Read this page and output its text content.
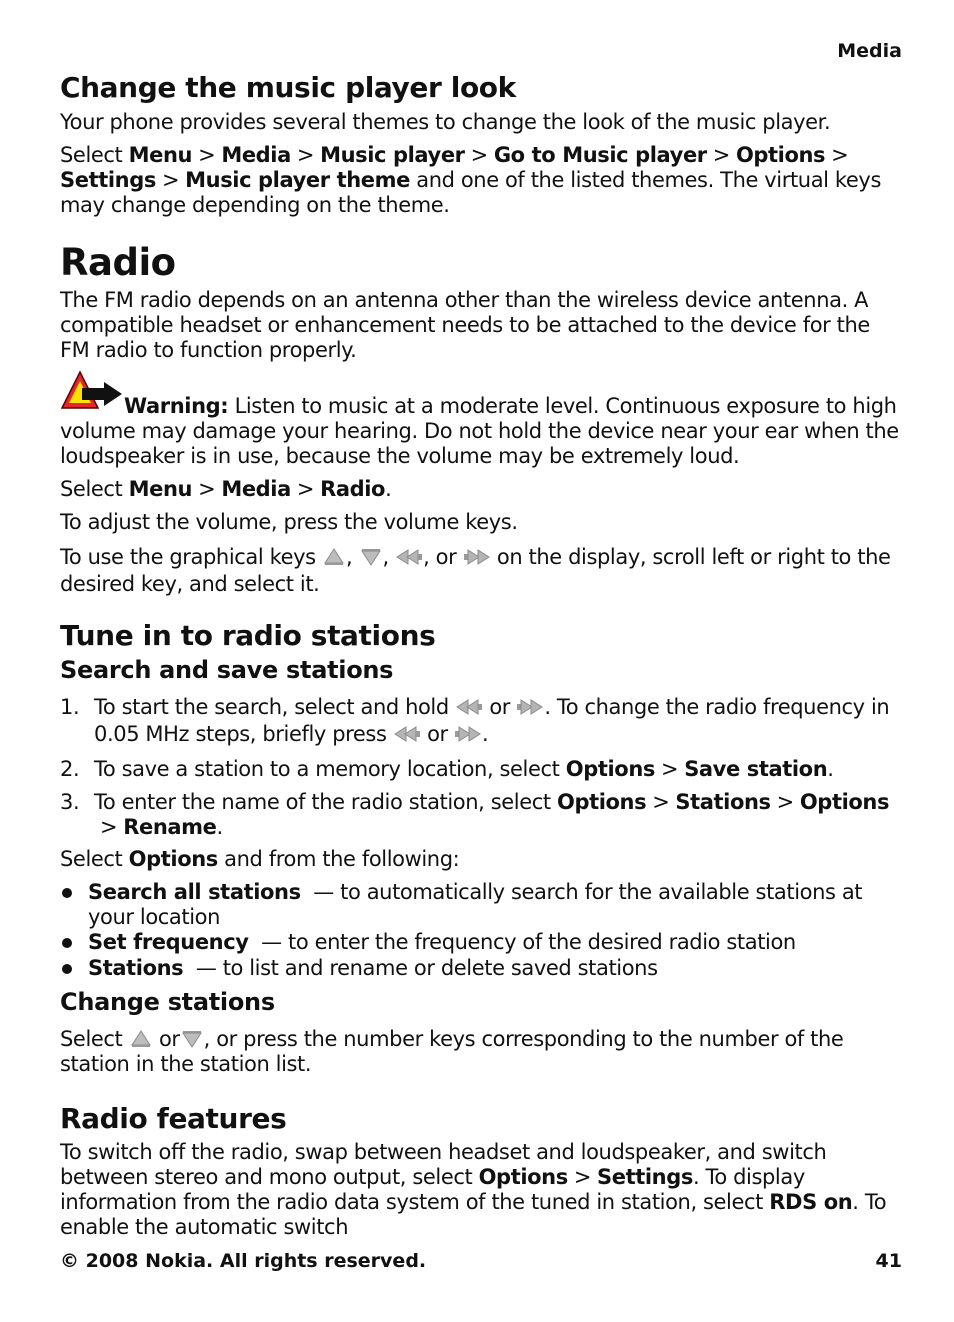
Media
Change the music player look
Your phone provides several themes to change the look of the music player.
Select Menu > Media > Music player > Go to Music player > Options >Settings > Music player theme and one of the listed themes. The virtual keys may change depending on the theme.
Radio
The FM radio depends on an antenna other than the wireless device antenna. A compatible headset or enhancement needs to be attached to the device for the FM radio to function properly.
Warning: Listen to music at a moderate level. Continuous exposure to high volume may damage your hearing. Do not hold the device near your ear when the loudspeaker is in use, because the volume may be extremely loud.
Select Menu > Media > Radio.
To adjust the volume, press the volume keys.
To use the graphical keys , , , or on the display, scroll left or right to the desired key, and select it.
Tune in to radio stations
Search and save stations
1. To start the search, select and hold or . To change the radio frequency in 0.05 MHz steps, briefly press or .
2. To save a station to a memory location, select Options > Save station.
3. To enter the name of the radio station, select Options > Stations > Options> Rename.
Select Options and from the following:
Search all stations — to automatically search for the available stations at your location
Set frequency — to enter the frequency of the desired radio station
Stations — to list and rename or delete saved stations
Change stations
Select or , or press the number keys corresponding to the number of the station in the station list.
Radio features
To switch off the radio, swap between headset and loudspeaker, and switch between stereo and mono output, select Options > Settings. To display information from the radio data system of the tuned in station, select RDS on. To enable the automatic switch
© 2008 Nokia. All rights reserved.	41
